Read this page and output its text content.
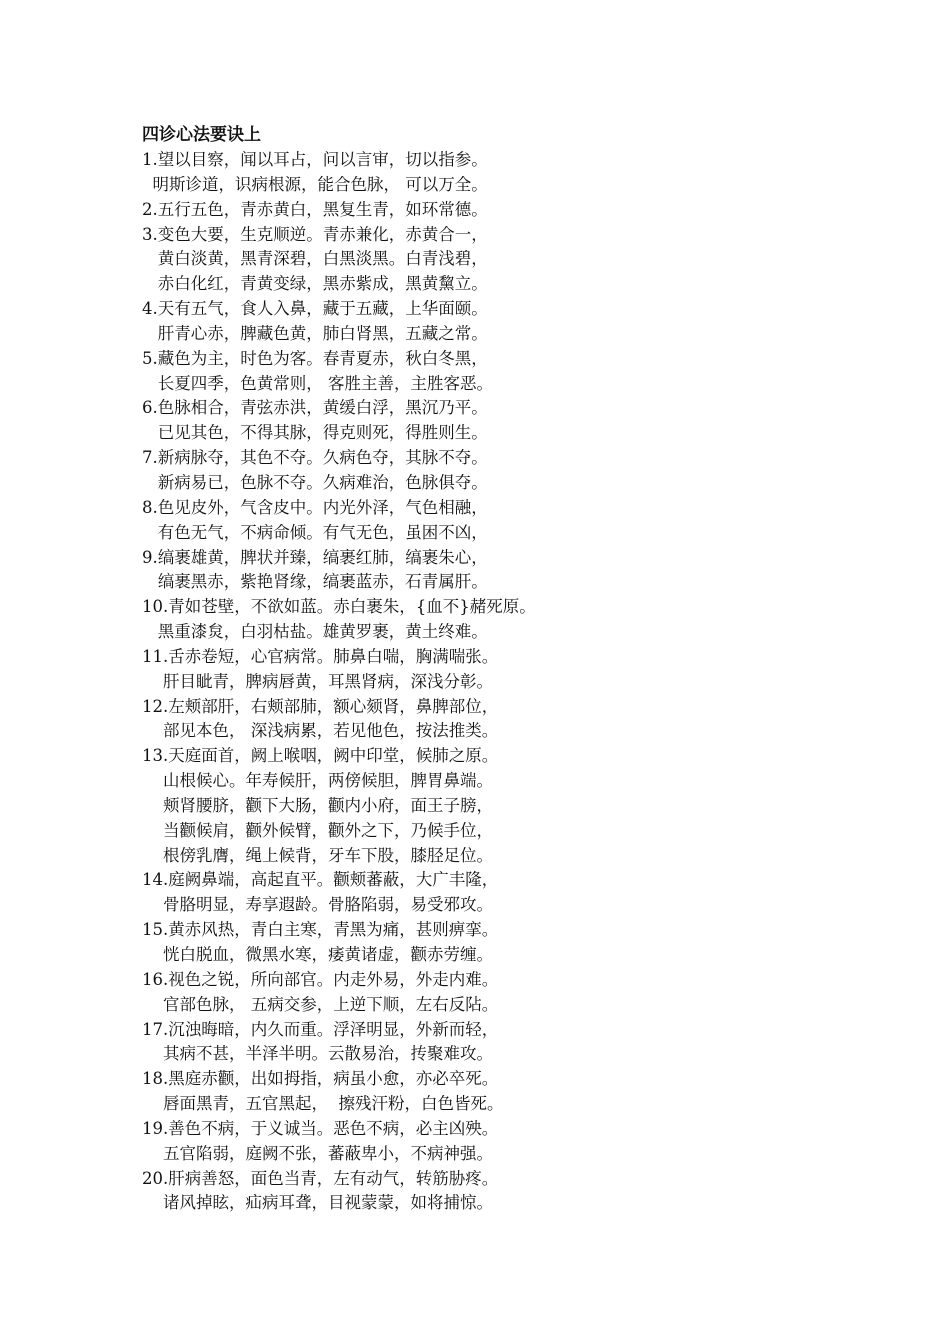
四诊心法要诀上
1.望以目察，闻以耳占，问以言审，切以指参。
明斯诊道，识病根源，能合色脉， 可以万全。
2.五行五色，青赤黄白，黑复生青，如环常德。
3.变色大要，生克顺逆。青赤兼化，赤黄合一，
黄白淡黄，黑青深碧，白黑淡黑。白青浅碧，
赤白化红，青黄变绿，黑赤紫成，黑黄黧立。
4.天有五气，食人入鼻，藏于五藏，上华面颐。
肝青心赤，脾藏色黄，肺白肾黑，五藏之常。
5.藏色为主，时色为客。春青夏赤，秋白冬黑，
长夏四季，色黄常则， 客胜主善，主胜客恶。
6.色脉相合，青弦赤洪，黄缓白浮，黑沉乃平。
已见其色，不得其脉，得克则死，得胜则生。
7.新病脉夺，其色不夺。久病色夺，其脉不夺。
新病易已，色脉不夺。久病难治，色脉俱夺。
8.色见皮外，气含皮中。内光外泽，气色相融，
有色无气，不病命倾。有气无色，虽困不凶，
9.缟裹雄黄，脾状并臻，缟裹红肺，缟裹朱心，
缟裹黑赤，紫艳肾缘，缟裹蓝赤，石青属肝。
10.青如苍壁，不欲如蓝。赤白裹朱，{血不}赭死原。
黑重漆炱，白羽枯盐。雄黄罗裹，黄土终难。
11.舌赤卷短，心官病常。肺鼻白喘，胸满喘张。
肝目眦青，脾病唇黄，耳黑肾病，深浅分彰。
12.左颊部肝，右颊部肺，额心颏肾，鼻脾部位，
部见本色， 深浅病累，若见他色，按法推类。
13.天庭面首，阙上喉咽，阙中印堂，候肺之原。
山根候心。年寿候肝，两傍候胆，脾胃鼻端。
颊肾腰脐，颧下大肠，颧内小府，面王子膀，
当颧候肩，颧外候臂，颧外之下，乃候手位，
根傍乳膺，绳上候背，牙车下股，膝胫足位。
14.庭阙鼻端，高起直平。颧颊蕃蔽，大广丰隆，
骨胳明显，寿享遐龄。骨胳陷弱，易受邪攻。
15.黄赤风热，青白主寒，青黑为痛，甚则痹挛。
恍白脱血，微黑水寒，痿黄诸虚，颧赤劳缠。
16.视色之锐，所向部官。内走外易，外走内难。
官部色脉， 五病交参，上逆下顺，左右反阽。
17.沉浊晦暗，内久而重。浮泽明显，外新而轻，
其病不甚，半泽半明。云散易治，抟聚难攻。
18.黑庭赤颧，出如拇指，病虽小愈，亦必卒死。
唇面黑青，五官黑起，  擦残汗粉，白色皆死。
19.善色不病，于义诚当。恶色不病，必主凶殃。
五官陷弱，庭阙不张，蕃蔽卑小，不病神强。
20.肝病善怒，面色当青，左有动气，转筋胁疼。
诸风掉眩，疝病耳聋，目视蒙蒙，如将捕惊。
